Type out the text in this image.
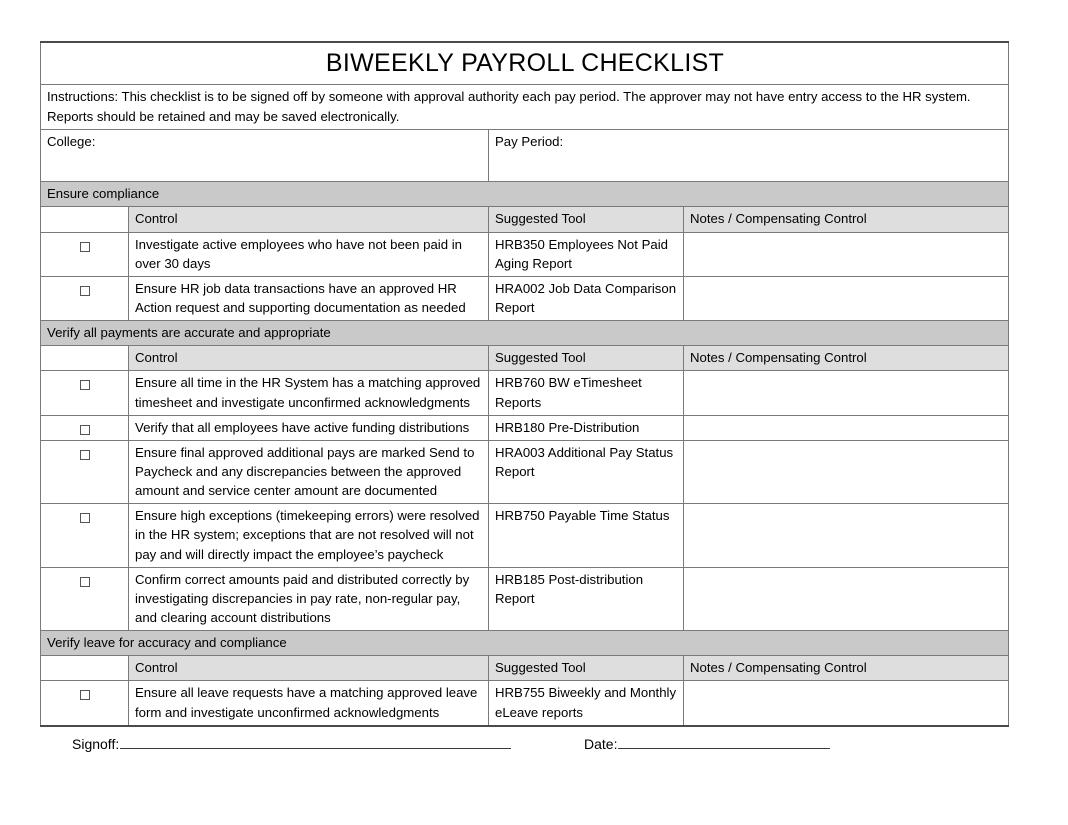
BIWEEKLY PAYROLL CHECKLIST			
Instructions: This checklist is to be signed off by someone with approval authority each pay period. The approver may not have entry access to the HR system. Reports should be retained and may be saved electronically.			
College:		Pay Period:	
Ensure compliance			
	Control	Suggested Tool	Notes / Compensating Control
	Investigate active employees who have not been paid in over 30 days	HRB350 Employees Not Paid Aging Report	
	Ensure HR job data transactions have an approved HR Action request and supporting documentation as needed	HRA002 Job Data Comparison Report	
Verify all payments are accurate and appropriate			
	Control	Suggested Tool	Notes / Compensating Control
	Ensure all time in the HR System has a matching approved timesheet and investigate unconfirmed acknowledgments	HRB760 BW eTimesheet Reports	
	Verify that all employees have active funding distributions	HRB180 Pre-Distribution	
	Ensure final approved additional pays are marked Send to Paycheck and any discrepancies between the approved amount and service center amount are documented	HRA003 Additional Pay Status Report	
	Ensure high exceptions (timekeeping errors) were resolved in the HR system; exceptions that are not resolved will not pay and will directly impact the employee’s paycheck	HRB750 Payable Time Status	
	Confirm correct amounts paid and distributed correctly by investigating discrepancies in pay rate, non-regular pay, and clearing account distributions	HRB185 Post-distribution Report	
Verify leave for accuracy and compliance			
	Control	Suggested Tool	Notes / Compensating Control
	Ensure all leave requests have a matching approved leave form and investigate unconfirmed acknowledgments	HRB755 Biweekly and Monthly eLeave reports	
Signoff:	Date:
